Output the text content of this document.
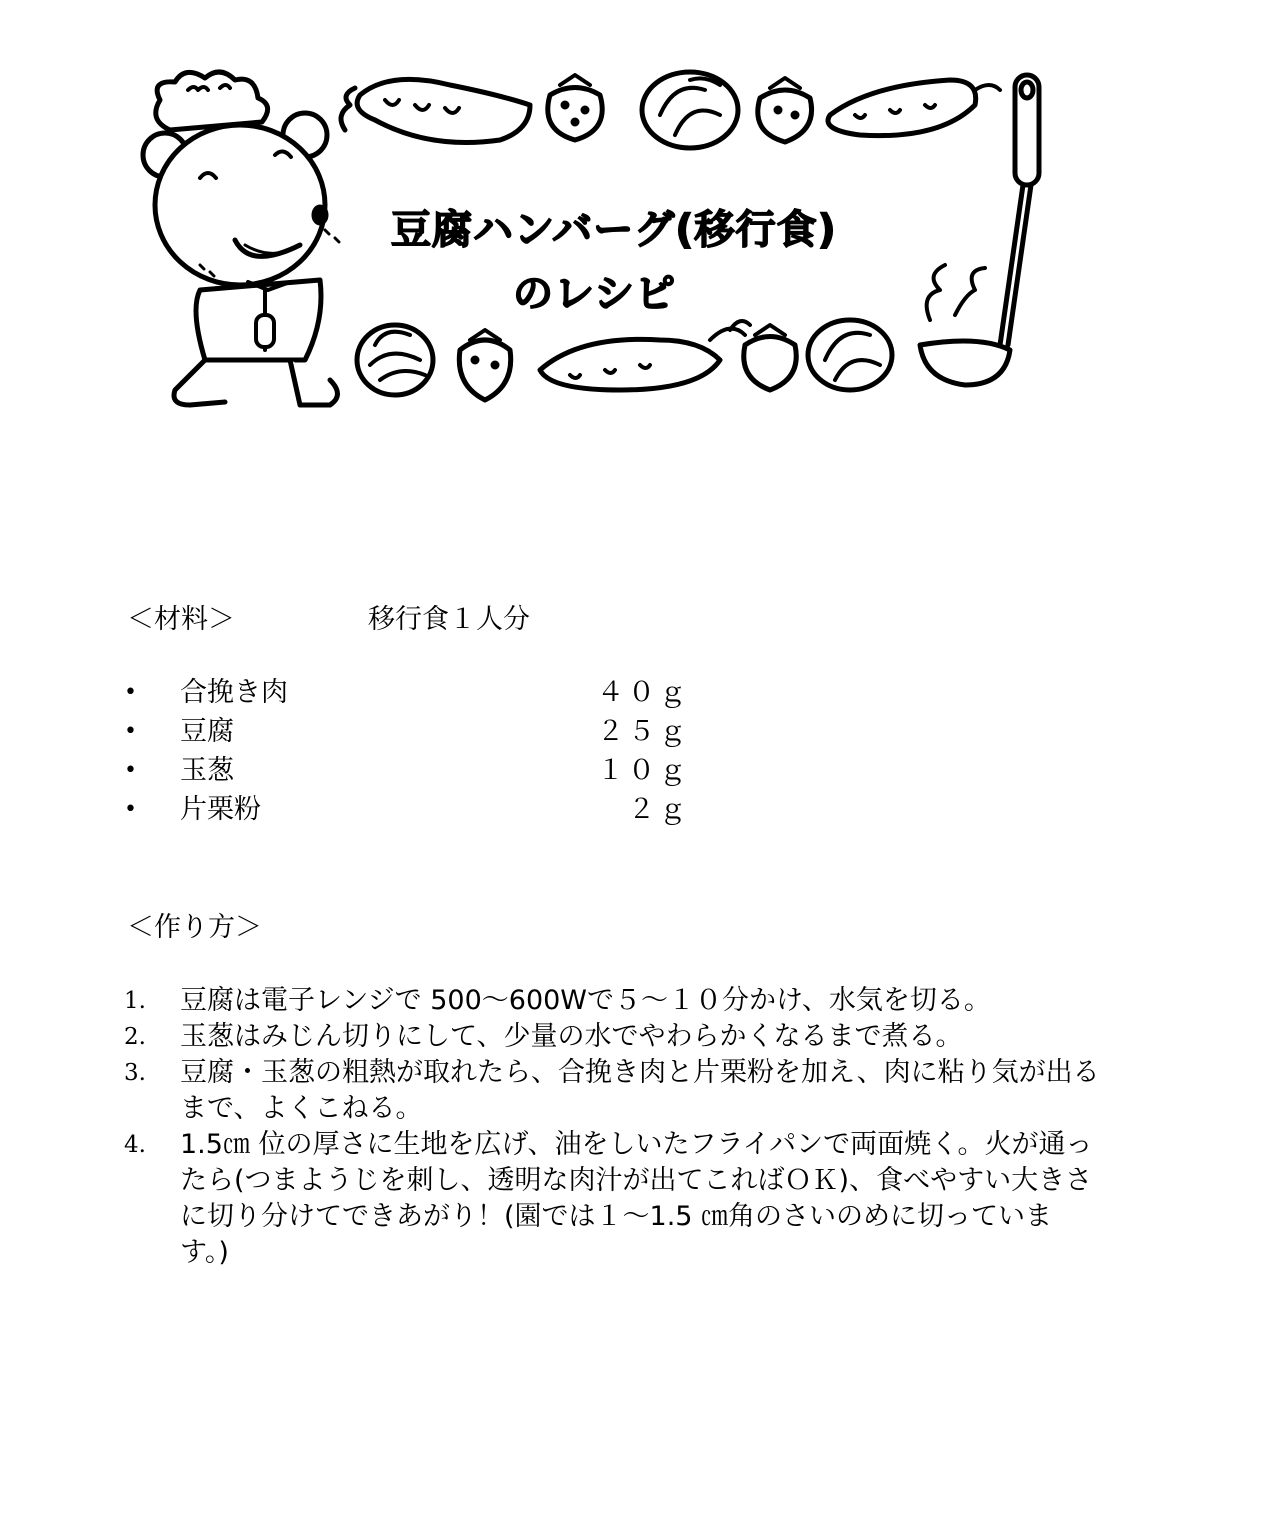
豆腐ハンバーグ(移行食)
のレシピ
＜材料＞	移行食１人分
• 合挽き肉	４０ｇ
• 豆腐	２５ｇ
• 玉葱	１０ｇ
• 片栗粉	２ｇ
＜作り方＞
1. 豆腐は電子レンジで 500～600Wで５～１０分かけ、水気を切る。
2. 玉葱はみじん切りにして、少量の水でやわらかくなるまで煮る。
3. 豆腐・玉葱の粗熱が取れたら、合挽き肉と片栗粉を加え、肉に粘り気が出るまで、よくこねる。
4. 1.5㎝ 位の厚さに生地を広げ、油をしいたフライパンで両面焼く。火が通ったら(つまようじを刺し、透明な肉汁が出てこればＯＫ)、食べやすい大きさに切り分けてできあがり！(園では１～1.5 ㎝角のさいのめに切っています。)
